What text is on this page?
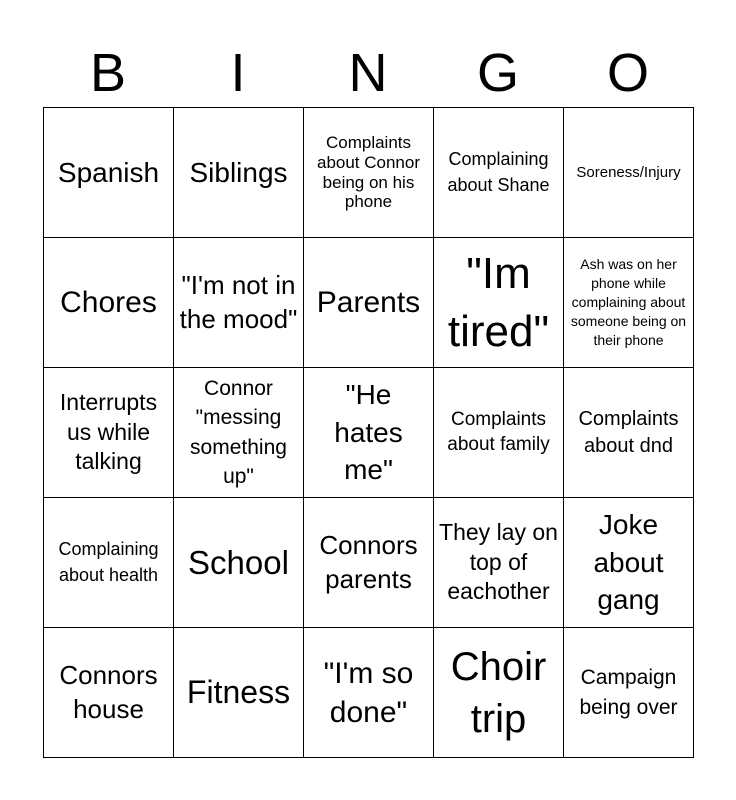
B	I	N	G	O
Spanish	Siblings	Complaints about Connor being on his phone	Complaining about Shane	Soreness/Injury
Chores	"I'm not in the mood"	Parents	"Im tired"	Ash was on her phone while complaining about someone being on their phone
Interrupts us while talking	Connor "messing something up"	"He hates me"	Complaints about family	Complaints about dnd
Complaining about health	School	Connors parents	They lay on top of eachother	Joke about gang
Connors house	Fitness	"I'm so done"	Choir trip	Campaign being over
